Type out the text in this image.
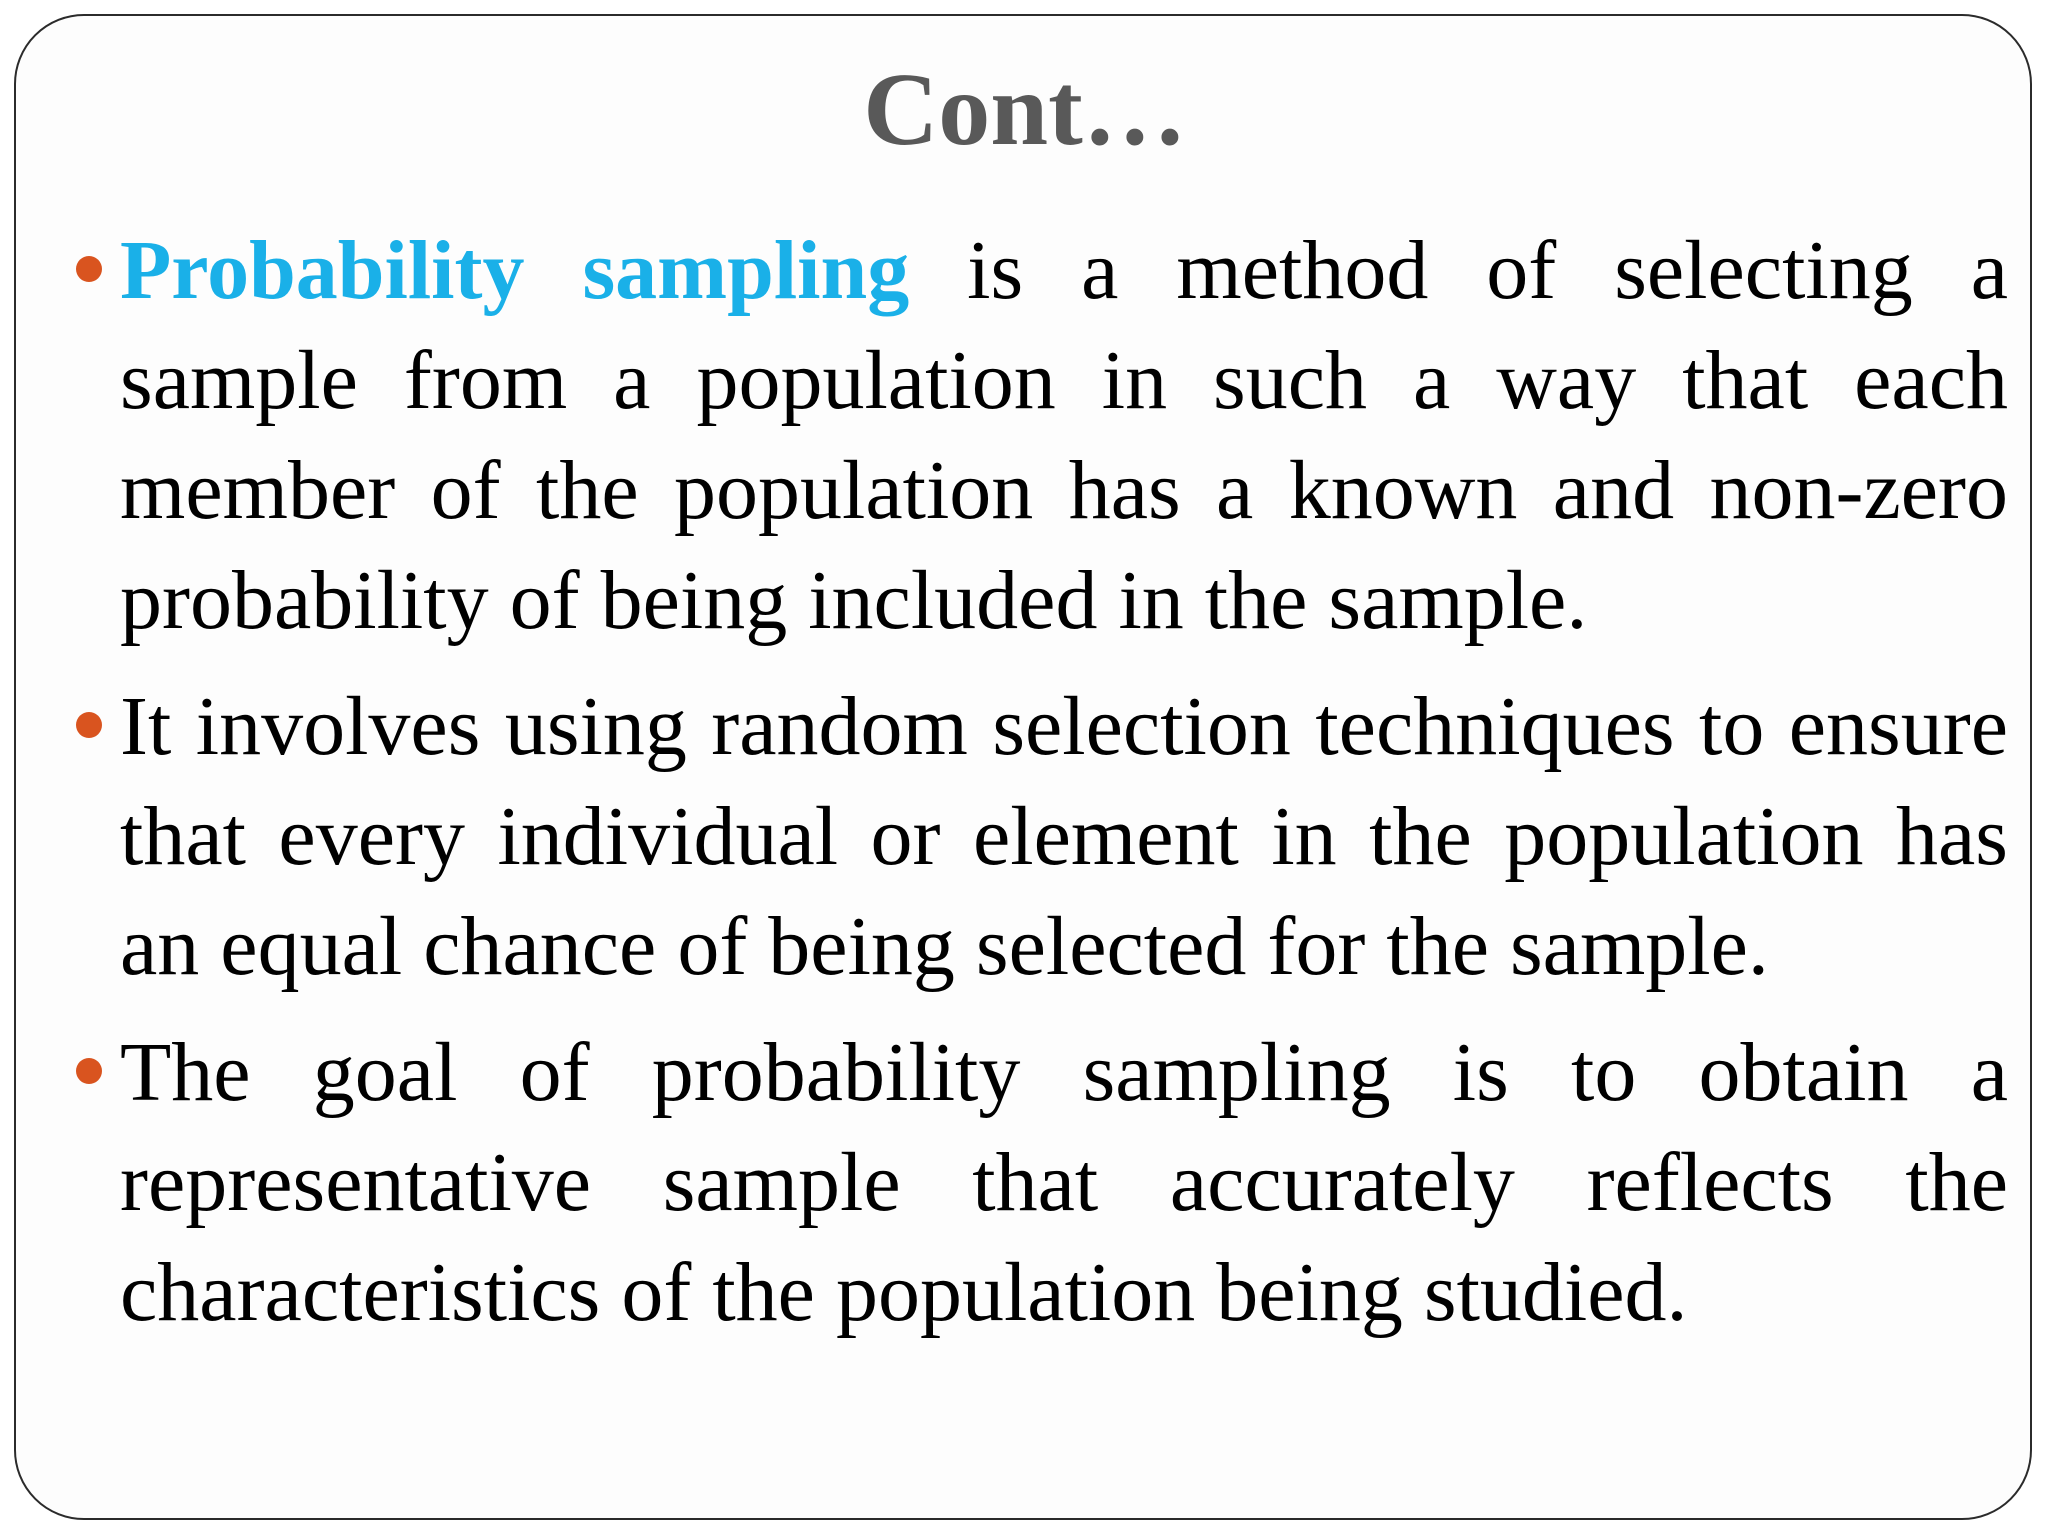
Cont…
Probability sampling is a method of selecting a sample from a population in such a way that each member of the population has a known and non-zero probability of being included in the sample.
It involves using random selection techniques to ensure that every individual or element in the population has an equal chance of being selected for the sample.
The goal of probability sampling is to obtain a representative sample that accurately reflects the characteristics of the population being studied.
